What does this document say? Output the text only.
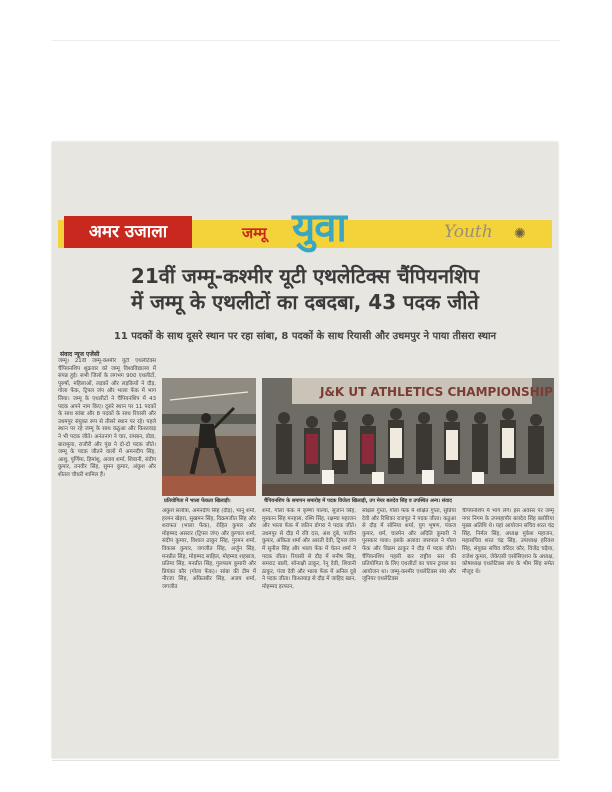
अमर उजाला	जम्मू युवा	Youth ✺
21वीं जम्मू-कश्मीर यूटी एथलेटिक्स चैंपियनशिप
में जम्मू के एथलीटों का दबदबा, 43 पदक जीते
11 पदकों के साथ दूसरे स्थान पर रहा सांबा, 8 पदकों के साथ रियासी और उधमपुर ने पाया तीसरा स्थान
संवाद न्यूज एजेंसी

जम्मू। 21वीं जम्मू-कश्मीर यूटी एथलेटिक्स चैंपियनशिप शुक्रवार को जम्मू विश्वविद्यालय में संपन्न हुई। सभी जिलों के लगभग 900 एथलीटों, पुरुषों, महिलाओं, लड़कों और लड़कियों ने दौड़, गोला फेंक, ट्रिपल जंप और भाला फेंक में भाग लिया। जम्मू के एथलीटों ने चैंपियनशिप में 43 पदक अपने नाम किए। दूसरे स्थान पर 11 पदकों के साथ सांबा और 8 पदकों के साथ रियासी और उधमपुर संयुक्त रूप से तीसरे स्थान पर रहे। पहले स्थान पर रहे जम्मू के साथ कठुआ और किश्तवाड़ ने भी पदक जीते। अनंतनाग ने चार, रामबन, डोडा, बारामूला, राजौरी और पुंछ ने दो-दो पदक जीते। जम्मू के पदक जीतने वालों में अमनदीप सिंह, आशु, पूर्णिमा, हिमांशु, अजय शर्मा, शिवानी, संदीप कुमार, तनवीर सिंह, सुमन कुमार, अंकुश और शीतल चौधरी शामिल हैं।

प्रतियोगिता में भाला फेंकता खिलाड़ी।
J&K UT ATHLETICS CHAMPIONSHIP
चैंपियनशिप के समापन समारोह में पदक विजेता खिलाड़ी, उप मेयर बलदेव सिंह व उपस्थित अन्य। संवाद

अंकुश सलोत्रा, अमनदीप सिंह (दौड़), भानु शर्मा, हरमन खेहरा, सुखमन सिंह, विक्रमजीत सिंह और शराफत (भाला फेंक), रोहित कुमार और मोहम्मद असरार (ट्रिपल जंप) और कुणाल शर्मा, संदीप कुमार, विशाल ठाकुर सिंह, गुरमन शर्मा, विकास कुमार, जगजीत सिंह, अर्जुन सिंह, मनप्रीत सिंह, मोहम्मद साहिल, मोहम्मद शहबाज, प्रतिमा सिंह, मनप्रीत सिंह, गुलफाम कुमारी और प्रियंका कौर (गोला फेंक)। सांबा की टीम में नीरजा सिंह, अंकितबीर सिंह, अजय शर्मा, जगजीत

शर्मा, गोला फेंक में कृष्णा पाल्या, सुजान सिंह, मुस्कान सिंह मनहास, रश्मि सिंह, रक्षम्या महाजन और भाला फेंक में जतिन डोगरा ने पदक जीते। उधमपुर से दौड़ में रवि दत्त, अंश दुबे, परवीन कुमार, अंकिता शर्मा और आरती देवी, ट्रिपल जंप में सुनील सिंह और भाला फेंक में चेतन शर्मा ने पदक जीता। रियासी से दौड़ में मनीष सिंह, समराट बाली, सोनाक्षी ठाकुर, रेनू देवी, शिवानी ठाकुर, पंजा देवी और भाला फेंक में अनिल दूबे ने पदक जीता। किश्तवाड़ से दौड़ में जाहिद खान, मोहम्मद इरफान,

सक्षिल गुप्ता, गोला फेंक में शक्षित गुप्ता, सुप्रिया देवी और रिशिका राजपूत ने पदक जीता। कठुआ से दौड़ में सोनिया शर्मा, युग भूषण, पंकज कुमार, धर्म, चारमेन और अदिति कुमारी ने पुरस्कार पाया। इसके अलावा जसपाल ने गोला फेंक और विक्रम ठाकुर ने दौड़ में पदक जीते। चैंपियनशिप पहली बार राष्ट्रीय स्तर की प्रतियोगिता के लिए एथलीटों का चयन ट्रायल का आयोजन था। जम्मू-कश्मीर एथलेटिक्स संघ और जूनियर एथलेटिक्स

चैंपियनशिप में भाग लेंगे। इस अवसर पर जम्मू नगर निगम के उपमहापौर बलदेव सिंह बलोरिया मुख्य अतिथि थे। यहां आयोजन सचिव शरत चंद्र सिंह, निर्मल सिंह, अध्यक्ष मुकेश महाजन, महासचिव शरत चंद्र सिंह, उपाध्यक्ष हरिवंश सिंह, संयुक्त सचिव वरिंदर कौर, विजेंद्र चढ़ैया, राजेश कुमार, जेकेएसी एसोसिएशन के अध्यक्ष, कोषाध्यक्ष एथलेटिक्स संघ के भीम सिंह समेत मौजूद थे।
